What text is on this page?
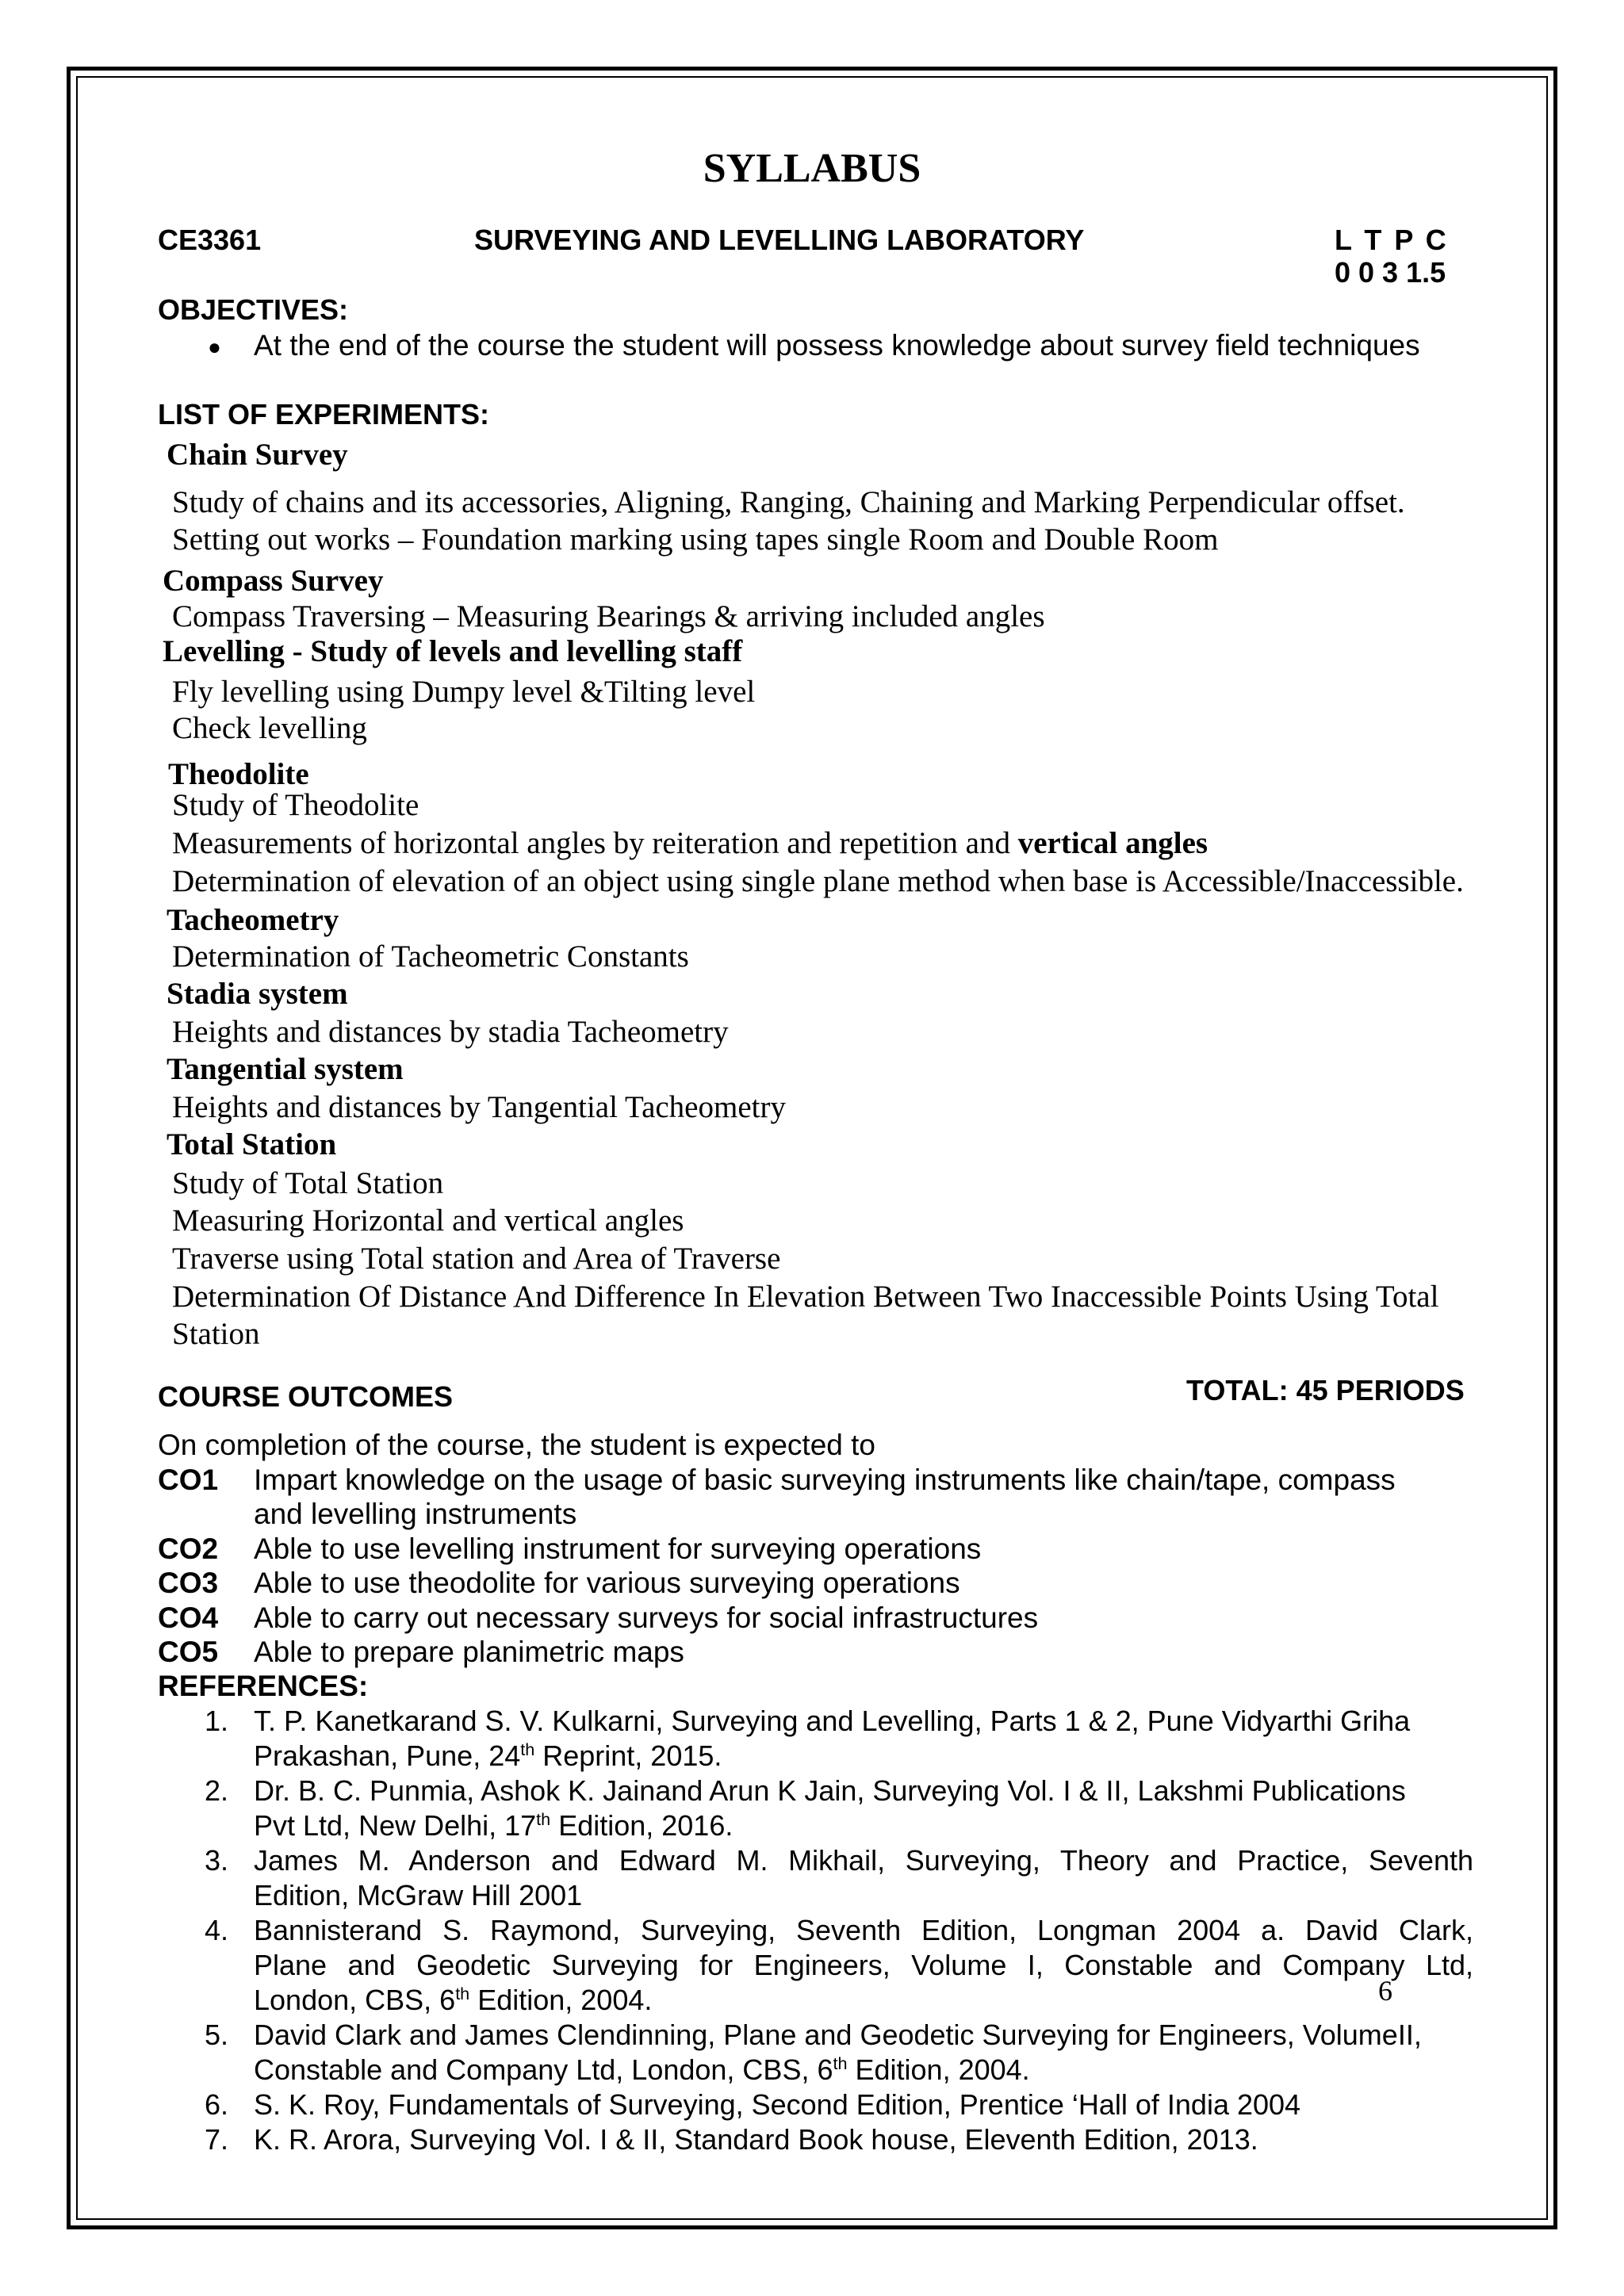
SYLLABUS
CE3361	SURVEYING AND LEVELLING LABORATORY	L T P C
0 0 3 1.5
OBJECTIVES:
● At the end of the course the student will possess knowledge about survey field techniques
LIST OF EXPERIMENTS:
Chain Survey
Study of chains and its accessories, Aligning, Ranging, Chaining and Marking Perpendicular offset.
Setting out works – Foundation marking using tapes single Room and Double Room
Compass Survey
Compass Traversing – Measuring Bearings & arriving included angles
Levelling - Study of levels and levelling staff
Fly levelling using Dumpy level &Tilting level
Check levelling
Theodolite
Study of Theodolite
Measurements of horizontal angles by reiteration and repetition and vertical angles
Determination of elevation of an object using single plane method when base is Accessible/Inaccessible.
Tacheometry
Determination of Tacheometric Constants
Stadia system
Heights and distances by stadia Tacheometry
Tangential system
Heights and distances by Tangential Tacheometry
Total Station
Study of Total Station
Measuring Horizontal and vertical angles
Traverse using Total station and Area of Traverse
Determination Of Distance And Difference In Elevation Between Two Inaccessible Points Using Total
Station
COURSE OUTCOMES	TOTAL: 45 PERIODS
On completion of the course, the student is expected to
CO1 Impart knowledge on the usage of basic surveying instruments like chain/tape, compass
and levelling instruments
CO2 Able to use levelling instrument for surveying operations
CO3 Able to use theodolite for various surveying operations
CO4 Able to carry out necessary surveys for social infrastructures
CO5 Able to prepare planimetric maps
REFERENCES:
1. T. P. Kanetkarand S. V. Kulkarni, Surveying and Levelling, Parts 1 & 2, Pune Vidyarthi Griha
Prakashan, Pune, 24th Reprint, 2015.
2. Dr. B. C. Punmia, Ashok K. Jainand Arun K Jain, Surveying Vol. I & II, Lakshmi Publications
Pvt Ltd, New Delhi, 17th Edition, 2016.
3. James M. Anderson and Edward M. Mikhail, Surveying, Theory and Practice, Seventh
Edition, McGraw Hill 2001
4. Bannisterand S. Raymond, Surveying, Seventh Edition, Longman 2004 a. David Clark,
Plane and Geodetic Surveying for Engineers, Volume I, Constable and Company Ltd,
London, CBS, 6th Edition, 2004.	6
5. David Clark and James Clendinning, Plane and Geodetic Surveying for Engineers, VolumeII,
Constable and Company Ltd, London, CBS, 6th Edition, 2004.
6. S. K. Roy, Fundamentals of Surveying, Second Edition, Prentice ‘Hall of India 2004
7. K. R. Arora, Surveying Vol. I & II, Standard Book house, Eleventh Edition, 2013.
